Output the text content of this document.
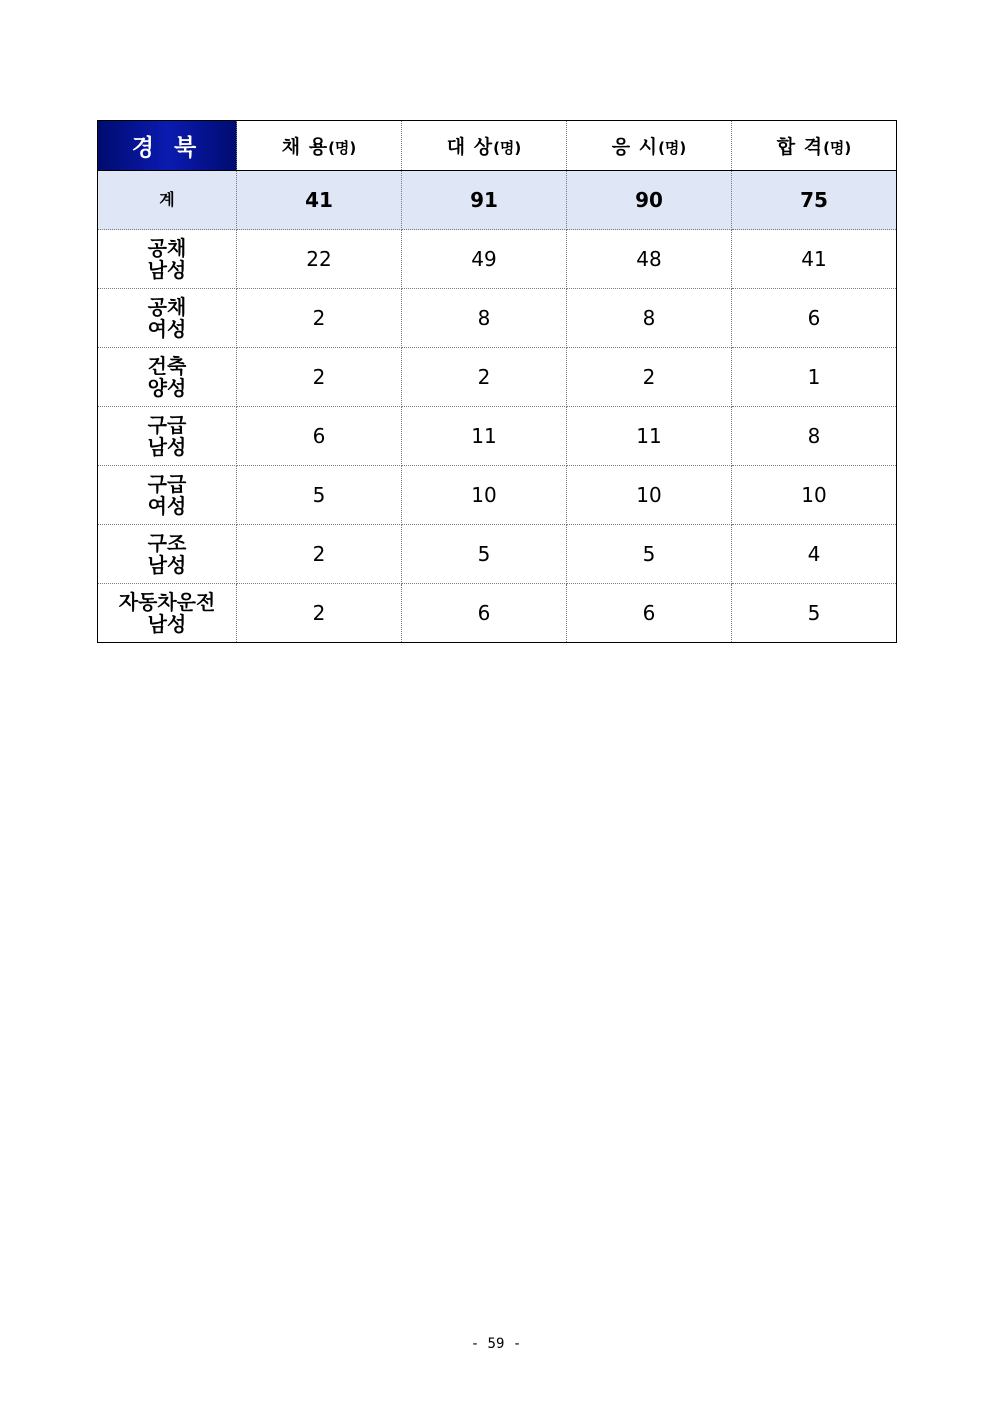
경 북	채 용(명)	대 상(명)	응 시(명)	합 격(명)
계	41	91	90	75

공채
남성	22	49	48	41

공채
여성	2	8	8	6

건축
양성	2	2	2	1

구급
남성	6	11	11	8

구급
여성	5	10	10	10

구조
남성	2	5	5	4

자동차운전
남성	2	6	6	5
- 59 -
